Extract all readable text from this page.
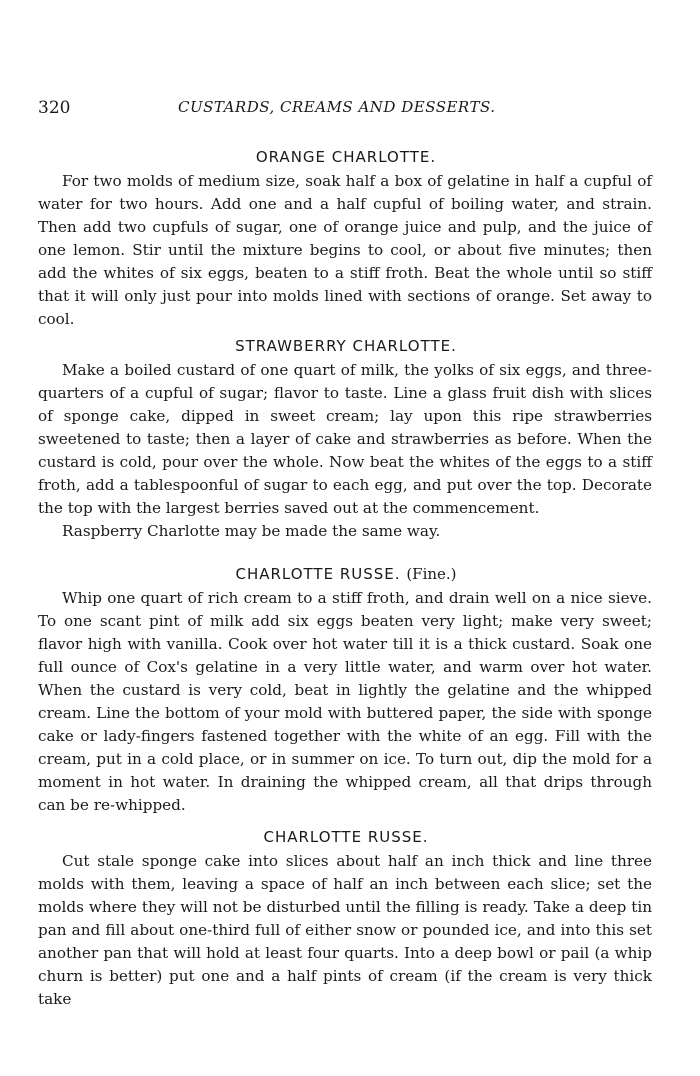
320	CUSTARDS, CREAMS AND DESSERTS.
ORANGE CHARLOTTE.

For two molds of medium size, soak half a box of gelatine in half a cupful of water for two hours. Add one and a half cupful of boiling water, and strain. Then add two cupfuls of sugar, one of orange juice and pulp, and the juice of one lemon. Stir until the mixture begins to cool, or about five minutes; then add the whites of six eggs, beaten to a stiff froth. Beat the whole until so stiff that it will only just pour into molds lined with sections of orange. Set away to cool.

STRAWBERRY CHARLOTTE.

Make a boiled custard of one quart of milk, the yolks of six eggs, and three-quarters of a cupful of sugar; flavor to taste. Line a glass fruit dish with slices of sponge cake, dipped in sweet cream; lay upon this ripe strawberries sweetened to taste; then a layer of cake and strawberries as before. When the custard is cold, pour over the whole. Now beat the whites of the eggs to a stiff froth, add a tablespoonful of sugar to each egg, and put over the top. Decorate the top with the largest berries saved out at the commencement.

Raspberry Charlotte may be made the same way.

CHARLOTTE RUSSE. (Fine.)

Whip one quart of rich cream to a stiff froth, and drain well on a nice sieve. To one scant pint of milk add six eggs beaten very light; make very sweet; flavor high with vanilla. Cook over hot water till it is a thick custard. Soak one full ounce of Cox's gelatine in a very little water, and warm over hot water. When the custard is very cold, beat in lightly the gelatine and the whipped cream. Line the bottom of your mold with buttered paper, the side with sponge cake or lady-fingers fastened together with the white of an egg. Fill with the cream, put in a cold place, or in summer on ice. To turn out, dip the mold for a moment in hot water. In draining the whipped cream, all that drips through can be re-whipped.

CHARLOTTE RUSSE.

Cut stale sponge cake into slices about half an inch thick and line three molds with them, leaving a space of half an inch between each slice; set the molds where they will not be disturbed until the filling is ready. Take a deep tin pan and fill about one-third full of either snow or pounded ice, and into this set another pan that will hold at least four quarts. Into a deep bowl or pail (a whip churn is better) put one and a half pints of cream (if the cream is very thick take
